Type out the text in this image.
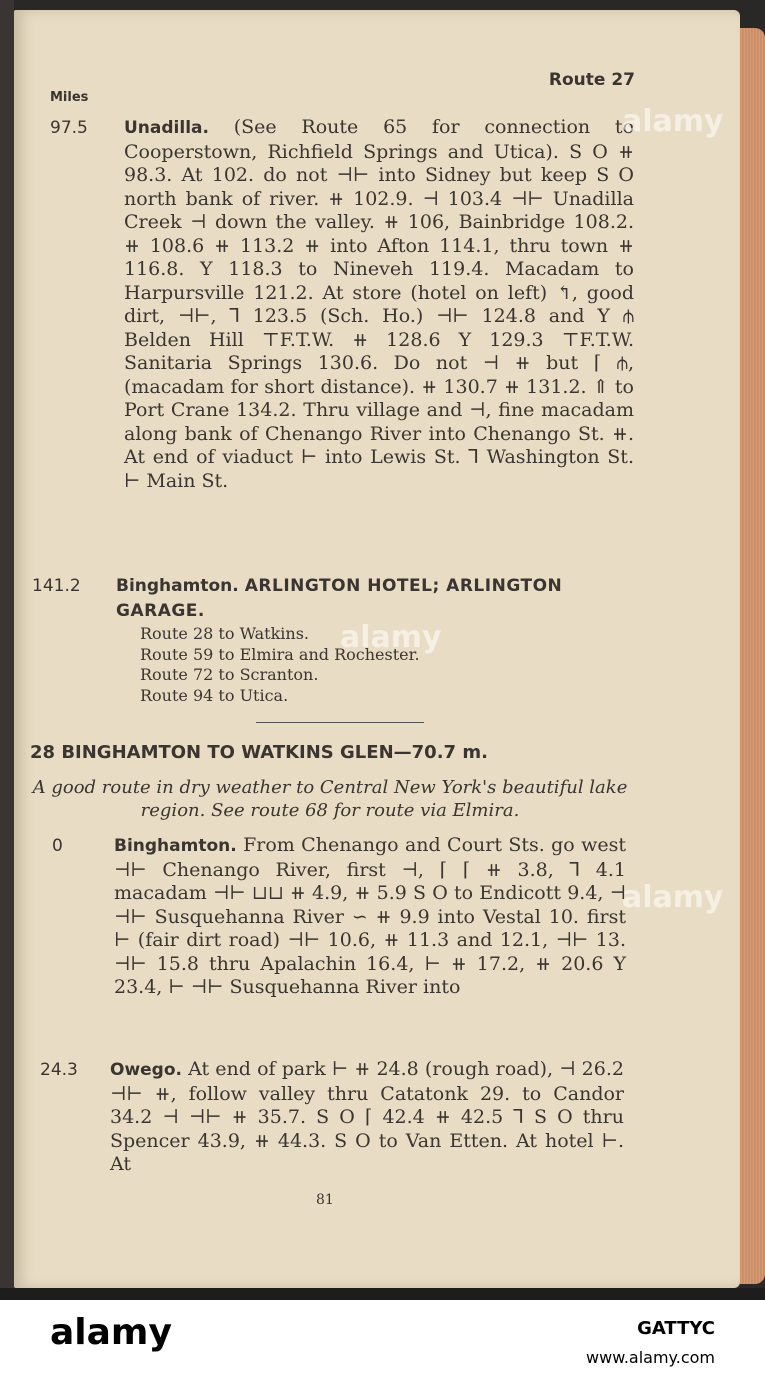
Route 27
Miles
97.5 Unadilla. (See Route 65 for connection to Cooperstown, Richfield Springs and Utica). S O ⧺ 98.3. At 102. do not ⊣⊢ into Sidney but keep S O north bank of river. ⧺ 102.9. ⊣ 103.4 ⊣⊢ Unadilla Creek ⊣ down the valley. ⧺ 106, Bainbridge 108.2. ⧺ 108.6 ⧺ 113.2 ⧺ into Afton 114.1, thru town ⧺ 116.8. Y 118.3 to Nineveh 119.4. Macadam to Harpursville 121.2. At store (hotel on left) ↰, good dirt, ⊣⊢, ⅂ 123.5 (Sch. Ho.) ⊣⊢ 124.8 and Y ⫛ Belden Hill ⊤F.T.W. ⧺ 128.6 Y 129.3 ⊤F.T.W. Sanitaria Springs 130.6. Do not ⊣ ⧺ but ⌈ ⫛, (macadam for short distance). ⧺ 130.7 ⧺ 131.2. ⇑ to Port Crane 134.2. Thru village and ⊣, fine macadam along bank of Chenango River into Chenango St. ⧺. At end of viaduct ⊢ into Lewis St. ⅂ Washington St. ⊢ Main St.
141.2 Binghamton. ARLINGTON HOTEL; ARLINGTON GARAGE.
Route 28 to Watkins.
Route 59 to Elmira and Rochester.
Route 72 to Scranton.
Route 94 to Utica.
28 BINGHAMTON TO WATKINS GLEN—70.7 m.
A good route in dry weather to Central New York's beautiful lake region. See route 68 for route via Elmira.
0	Binghamton. From Chenango and Court Sts. go west ⊣⊢ Chenango River, first ⊣, ⌈ ⌈ ⧺ 3.8, ⅂ 4.1 macadam ⊣⊢ ⊔⊔ ⧺ 4.9, ⧺ 5.9 S O to Endicott 9.4, ⊣ ⊣⊢ Susquehanna River ∽ ⧺ 9.9 into Vestal 10. first ⊢ (fair dirt road) ⊣⊢ 10.6, ⧺ 11.3 and 12.1, ⊣⊢ 13. ⊣⊢ 15.8 thru Apalachin 16.4, ⊢ ⧺ 17.2, ⧺ 20.6 Y 23.4, ⊢ ⊣⊢ Susquehanna River into
24.3 Owego. At end of park ⊢ ⧺ 24.8 (rough road), ⊣ 26.2 ⊣⊢ ⧺, follow valley thru Catatonk 29. to Candor 34.2 ⊣ ⊣⊢ ⧺ 35.7. S O ⌈ 42.4 ⧺ 42.5 ⅂ S O thru Spencer 43.9, ⧺ 44.3. S O to Van Etten. At hotel ⊢. At
81
alamy
alamy
alamy
alamy	GATTYC
www.alamy.com
